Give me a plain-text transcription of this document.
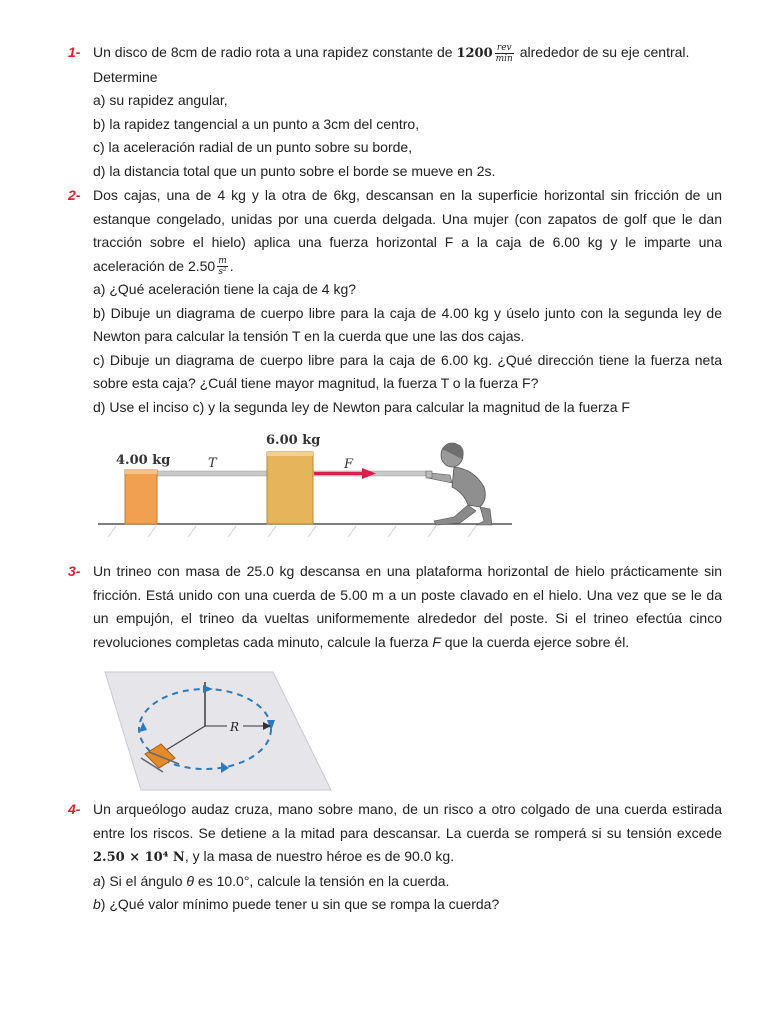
1- Un disco de 8cm de radio rota a una rapidez constante de $1200 \frac{\text{rev}}{\min}$ alrededor de su eje central.

Determine

a) su rapidez angular,

b) la rapidez tangencial a un punto a 3cm del centro,

c) la aceleración radial de un punto sobre su borde,

d) la distancia total que un punto sobre el borde se mueve en 2s.

2- Dos cajas, una de 4 kg y la otra de 6kg, descansan en la superficie horizontal sin fricción de un estanque congelado, unidas por una cuerda delgada. Una mujer (con zapatos de golf que le dan tracción sobre el hielo) aplica una fuerza horizontal F a la caja de 6.00 kg y le imparte una aceleración de $2.50 \frac{m}{\text{s²}}$ .

a) ¿Qué aceleración tiene la caja de 4 kg?

b) Dibuje un diagrama de cuerpo libre para la caja de 4.00 kg y úselo junto con la segunda ley de Newton para calcular la tensión T en la cuerda que une las dos cajas.

c) Dibuje un diagrama de cuerpo libre para la caja de 6.00 kg. ¿Qué dirección tiene la fuerza neta sobre esta caja? ¿Cuál tiene mayor magnitud, la fuerza T o la fuerza F?

d) Use el inciso c) y la segunda ley de Newton para calcular la magnitud de la fuerza F

4.00 kg
6.00 kg
T	F
3- Un trineo con masa de 25.0 kg descansa en una plataforma horizontal de hielo prácticamente sin fricción. Está unido con una cuerda de 5.00 m a un poste clavado en el hielo. Una vez que se le da un empujón, el trineo da vueltas uniformemente alrededor del poste. Si el trineo efectúa cinco revoluciones completas cada minuto, calcule la fuerza F que la cuerda ejerce sobre él.

R
4- Un arqueólogo audaz cruza, mano sobre mano, de un risco a otro colgado de una cuerda estirada entre los riscos. Se detiene a la mitad para descansar. La cuerda se romperá si su tensión excede 2.50 × 10⁴ N, y la masa de nuestro héroe es de 90.0 kg.

a) Si el ángulo θ es 10.0°, calcule la tensión en la cuerda.

b) ¿Qué valor mínimo puede tener u sin que se rompa la cuerda?
